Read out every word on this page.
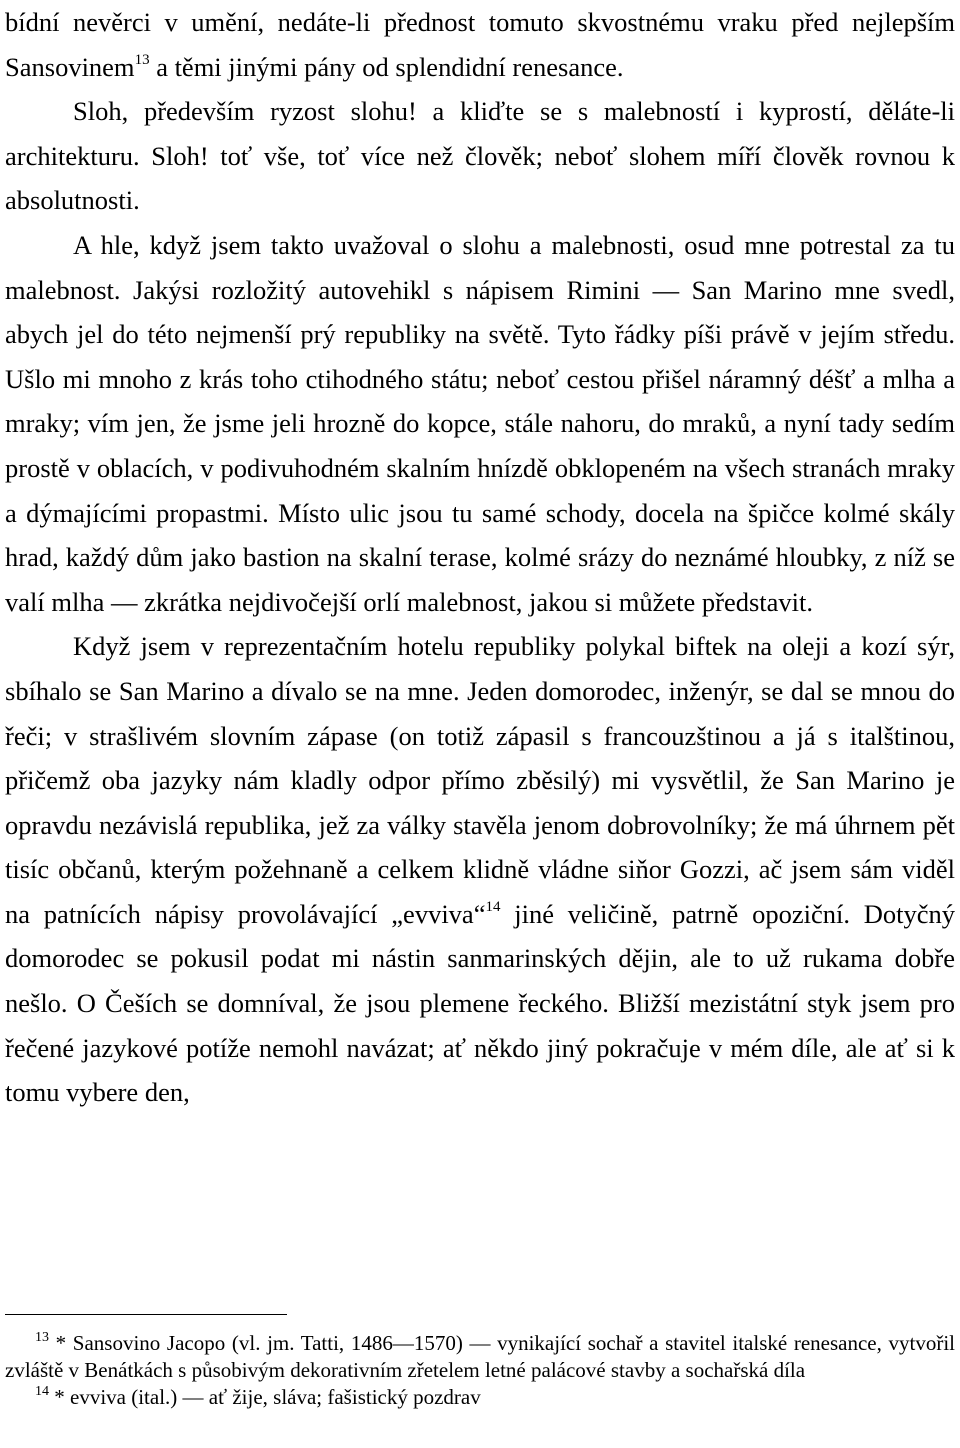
bídní nevěrci v umění, nedáte-li přednost tomuto skvostnému vraku před nejlepším Sansovinem$^{13}$ a těmi jinými pány od splendidní renesance.

Sloh, především ryzost slohu! a kliďte se s malebností i kyprostí, děláte-li architekturu. Sloh! toť vše, toť více než člověk; neboť slohem míří člověk rovnou k absolutnosti.

A hle, když jsem takto uvažoval o slohu a malebnosti, osud mne potrestal za tu malebnost. Jakýsi rozložitý autovehikl s nápisem Rimini — San Marino mne svedl, abych jel do této nejmenší prý republiky na světě. Tyto řádky píši právě v jejím středu. Ušlo mi mnoho z krás toho ctihodného státu; neboť cestou přišel náramný déšť a mlha a mraky; vím jen, že jsme jeli hrozně do kopce, stále nahoru, do mraků, a nyní tady sedím prostě v oblacích, v podivuhodném skalním hnízdě obklopeném na všech stranách mraky a dýmajícími propastmi. Místo ulic jsou tu samé schody, docela na špičce kolmé skály hrad, každý dům jako bastion na skalní terase, kolmé srázy do neznámé hloubky, z níž se valí mlha — zkrátka nejdivočejší orlí malebnost, jakou si můžete představit.

Když jsem v reprezentačním hotelu republiky polykal biftek na oleji a kozí sýr, sbíhalo se San Marino a dívalo se na mne. Jeden domorodec, inženýr, se dal se mnou do řeči; v strašlivém slovním zápase (on totiž zápasil s francouzštinou a já s italštinou, přičemž oba jazyky nám kladly odpor přímo zběsilý) mi vysvětlil, že San Marino je opravdu nezávislá republika, jež za války stavěla jenom dobrovolníky; že má úhrnem pět tisíc občanů, kterým požehnaně a celkem klidně vládne siňor Gozzi, ač jsem sám viděl na patnících nápisy provolávající „evviva“$^{14}$ jiné veličině, patrně opoziční. Dotyčný domorodec se pokusil podat mi nástin sanmarinských dějin, ale to už rukama dobře nešlo. O Češích se domníval, že jsou plemene řeckého. Bližší mezistátní styk jsem pro řečené jazykové potíže nemohl navázat; ať někdo jiný pokračuje v mém díle, ale ať si k tomu vybere den,

$^{13}$ * Sansovino Jacopo (vl. jm. Tatti, 1486—1570) — vynikající sochař a stavitel italské renesance, vytvořil zvláště v Benátkách s působivým dekorativním zřetelem letné palácové stavby a sochařská díla

$^{14}$ * evviva (ital.) — ať žije, sláva; fašistický pozdrav
